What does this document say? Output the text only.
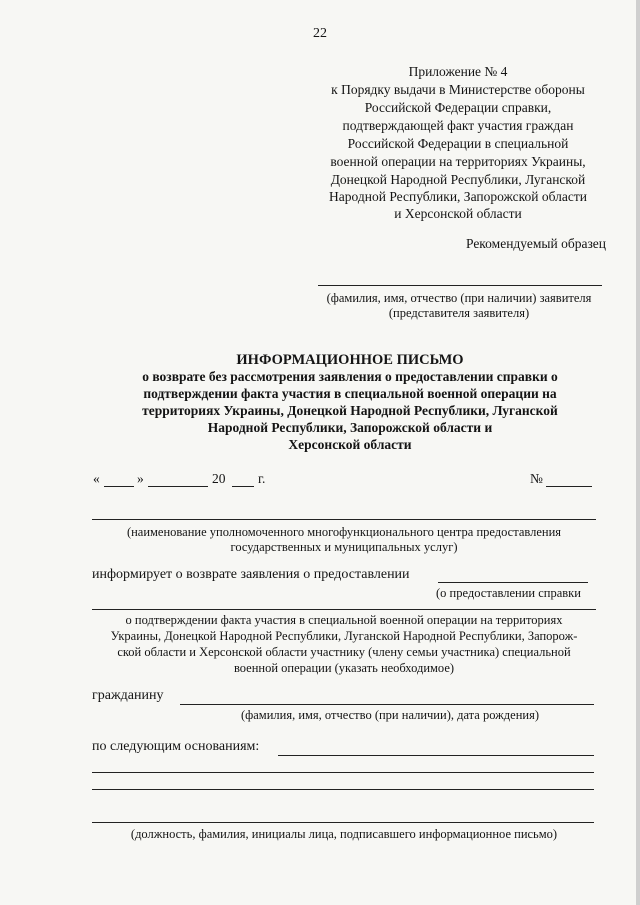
22
Приложение № 4
к Порядку выдачи в Министерстве обороны
Российской Федерации справки,
подтверждающей факт участия граждан
Российской Федерации в специальной
военной операции на территориях Украины,
Донецкой Народной Республики, Луганской
Народной Республики, Запорожской области
и Херсонской области
Рекомендуемый образец
(фамилия, имя, отчество (при наличии) заявителя
(представителя заявителя)
ИНФОРМАЦИОННОЕ ПИСЬМО
о возврате без рассмотрения заявления о предоставлении справки о
подтверждении факта участия в специальной военной операции на
территориях Украины, Донецкой Народной Республики, Луганской
Народной Республики, Запорожской области и
Херсонской области
«	»	20 г.	№
(наименование уполномоченного многофункционального центра предоставления
государственных и муниципальных услуг)
информирует о возврате заявления о предоставлении
(о предоставлении справки
о подтверждении факта участия в специальной военной операции на территориях
Украины, Донецкой Народной Республики, Луганской Народной Республики, Запорож-
ской области и Херсонской области участнику (члену семьи участника) специальной
военной операции (указать необходимое)
гражданину
(фамилия, имя, отчество (при наличии), дата рождения)
по следующим основаниям:
(должность, фамилия, инициалы лица, подписавшего информационное письмо)
